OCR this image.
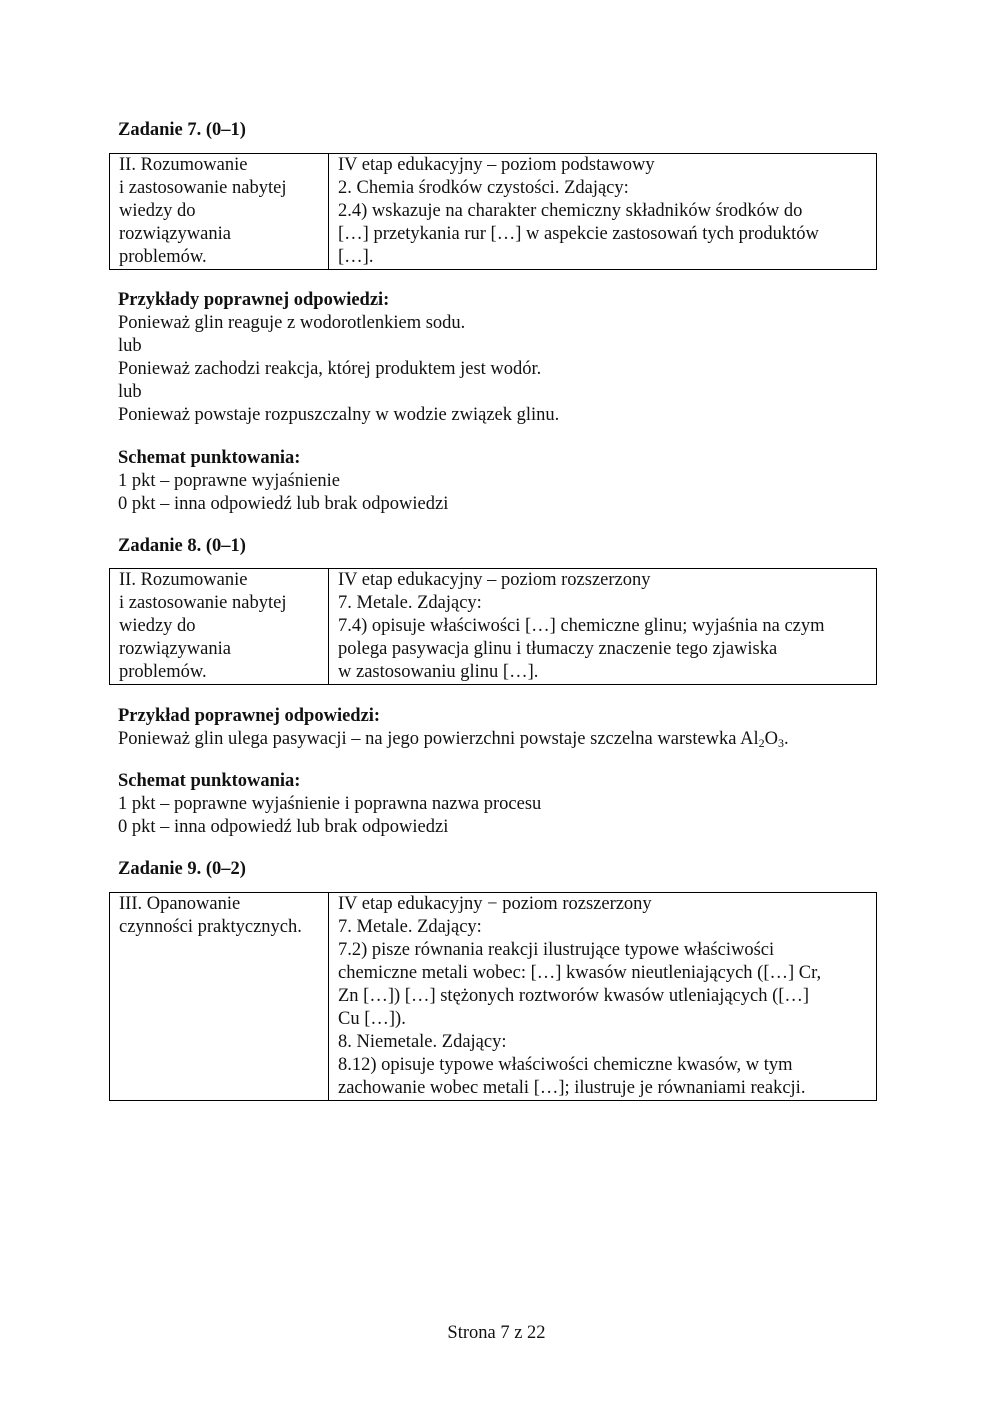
Zadanie 7. (0–1)
II. Rozumowanie
i zastosowanie nabytej
wiedzy do
rozwiązywania
problemów.

IV etap edukacyjny – poziom podstawowy
2. Chemia środków czystości. Zdający:
2.4) wskazuje na charakter chemiczny składników środków do
[…] przetykania rur […] w aspekcie zastosowań tych produktów
[…].
Przykłady poprawnej odpowiedzi:
Ponieważ glin reaguje z wodorotlenkiem sodu.
lub
Ponieważ zachodzi reakcja, której produktem jest wodór.
lub
Ponieważ powstaje rozpuszczalny w wodzie związek glinu.
Schemat punktowania:
1 pkt – poprawne wyjaśnienie
0 pkt – inna odpowiedź lub brak odpowiedzi
Zadanie 8. (0–1)
II. Rozumowanie
i zastosowanie nabytej
wiedzy do
rozwiązywania
problemów.

IV etap edukacyjny – poziom rozszerzony
7. Metale. Zdający:
7.4) opisuje właściwości […] chemiczne glinu; wyjaśnia na czym
polega pasywacja glinu i tłumaczy znaczenie tego zjawiska
w zastosowaniu glinu […].
Przykład poprawnej odpowiedzi:
Ponieważ glin ulega pasywacji – na jego powierzchni powstaje szczelna warstewka $Al_2O_3$.
Schemat punktowania:
1 pkt – poprawne wyjaśnienie i poprawna nazwa procesu
0 pkt – inna odpowiedź lub brak odpowiedzi
Zadanie 9. (0–2)
III. Opanowanie
czynności praktycznych.

IV etap edukacyjny − poziom rozszerzony
7. Metale. Zdający:
7.2) pisze równania reakcji ilustrujące typowe właściwości
chemiczne metali wobec: […] kwasów nieutleniających ([…] Cr,
Zn […]) […] stężonych roztworów kwasów utleniających ([…]
Cu […]).
8. Niemetale. Zdający:
8.12) opisuje typowe właściwości chemiczne kwasów, w tym
zachowanie wobec metali […]; ilustruje je równaniami reakcji.
Strona 7 z 22
